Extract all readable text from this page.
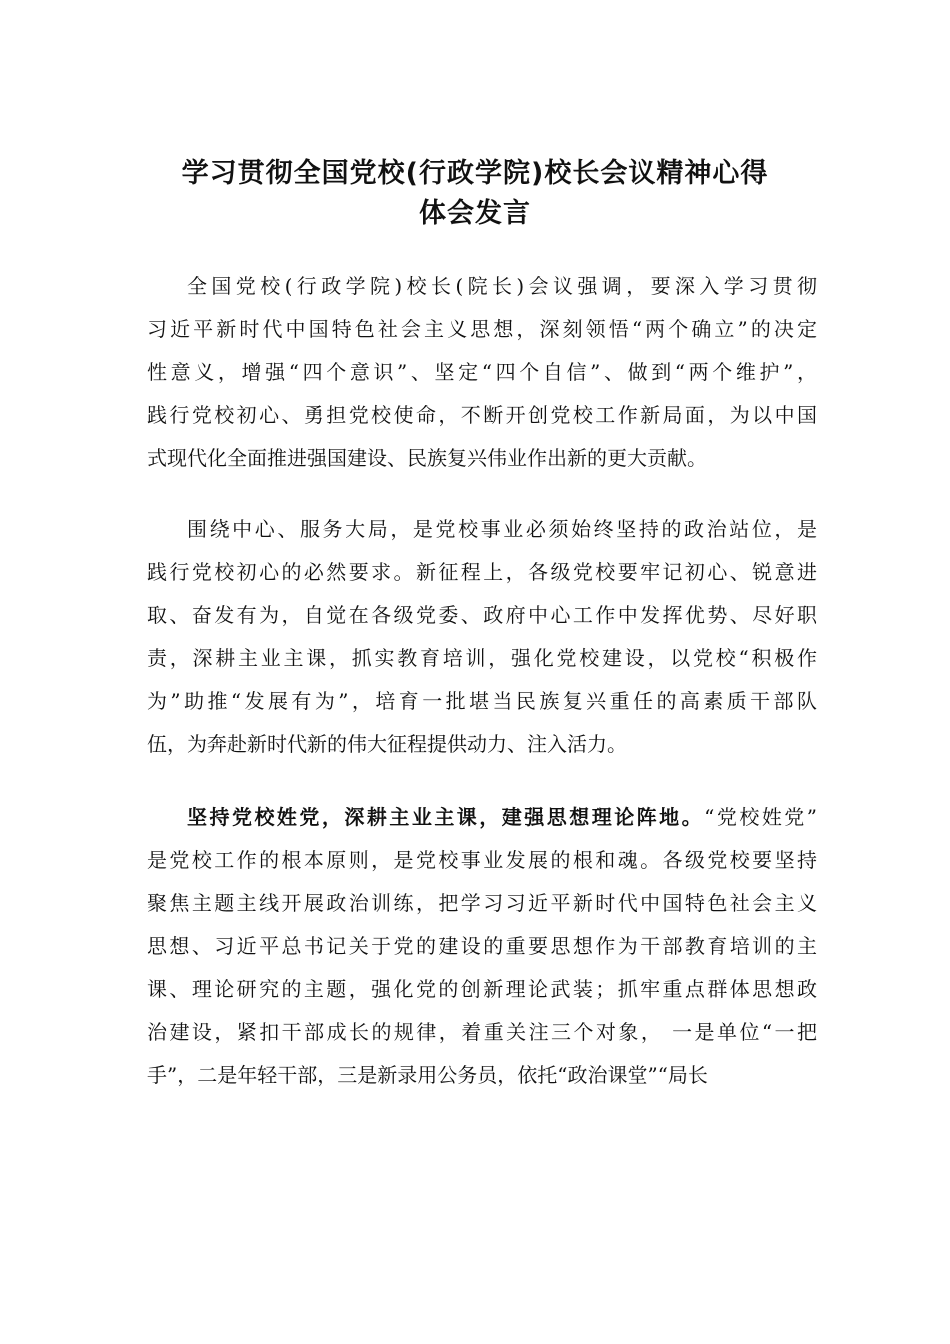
学习贯彻全国党校(行政学院)校长会议精神心得
体会发言
全国党校(行政学院)校长(院长)会议强调，要深入学习贯彻
习近平新时代中国特色社会主义思想，深刻领悟“两个确立”的决定
性意义，增强“四个意识”、坚定“四个自信”、做到“两个维护”，
践行党校初心、勇担党校使命，不断开创党校工作新局面，为以中国
式现代化全面推进强国建设、民族复兴伟业作出新的更大贡献。
围绕中心、服务大局，是党校事业必须始终坚持的政治站位，是
践行党校初心的必然要求。新征程上，各级党校要牢记初心、锐意进
取、奋发有为，自觉在各级党委、政府中心工作中发挥优势、尽好职
责，深耕主业主课，抓实教育培训，强化党校建设，以党校“积极作
为”助推“发展有为”，培育一批堪当民族复兴重任的高素质干部队
伍，为奔赴新时代新的伟大征程提供动力、注入活力。
坚持党校姓党，深耕主业主课，建强思想理论阵地。“党校姓党”
是党校工作的根本原则，是党校事业发展的根和魂。各级党校要坚持
聚焦主题主线开展政治训练，把学习习近平新时代中国特色社会主义
思想、习近平总书记关于党的建设的重要思想作为干部教育培训的主
课、理论研究的主题，强化党的创新理论武装；抓牢重点群体思想政
治建设，紧扣干部成长的规律，着重关注三个对象， 一是单位“一把
手”，二是年轻干部，三是新录用公务员，依托“政治课堂”“局长
